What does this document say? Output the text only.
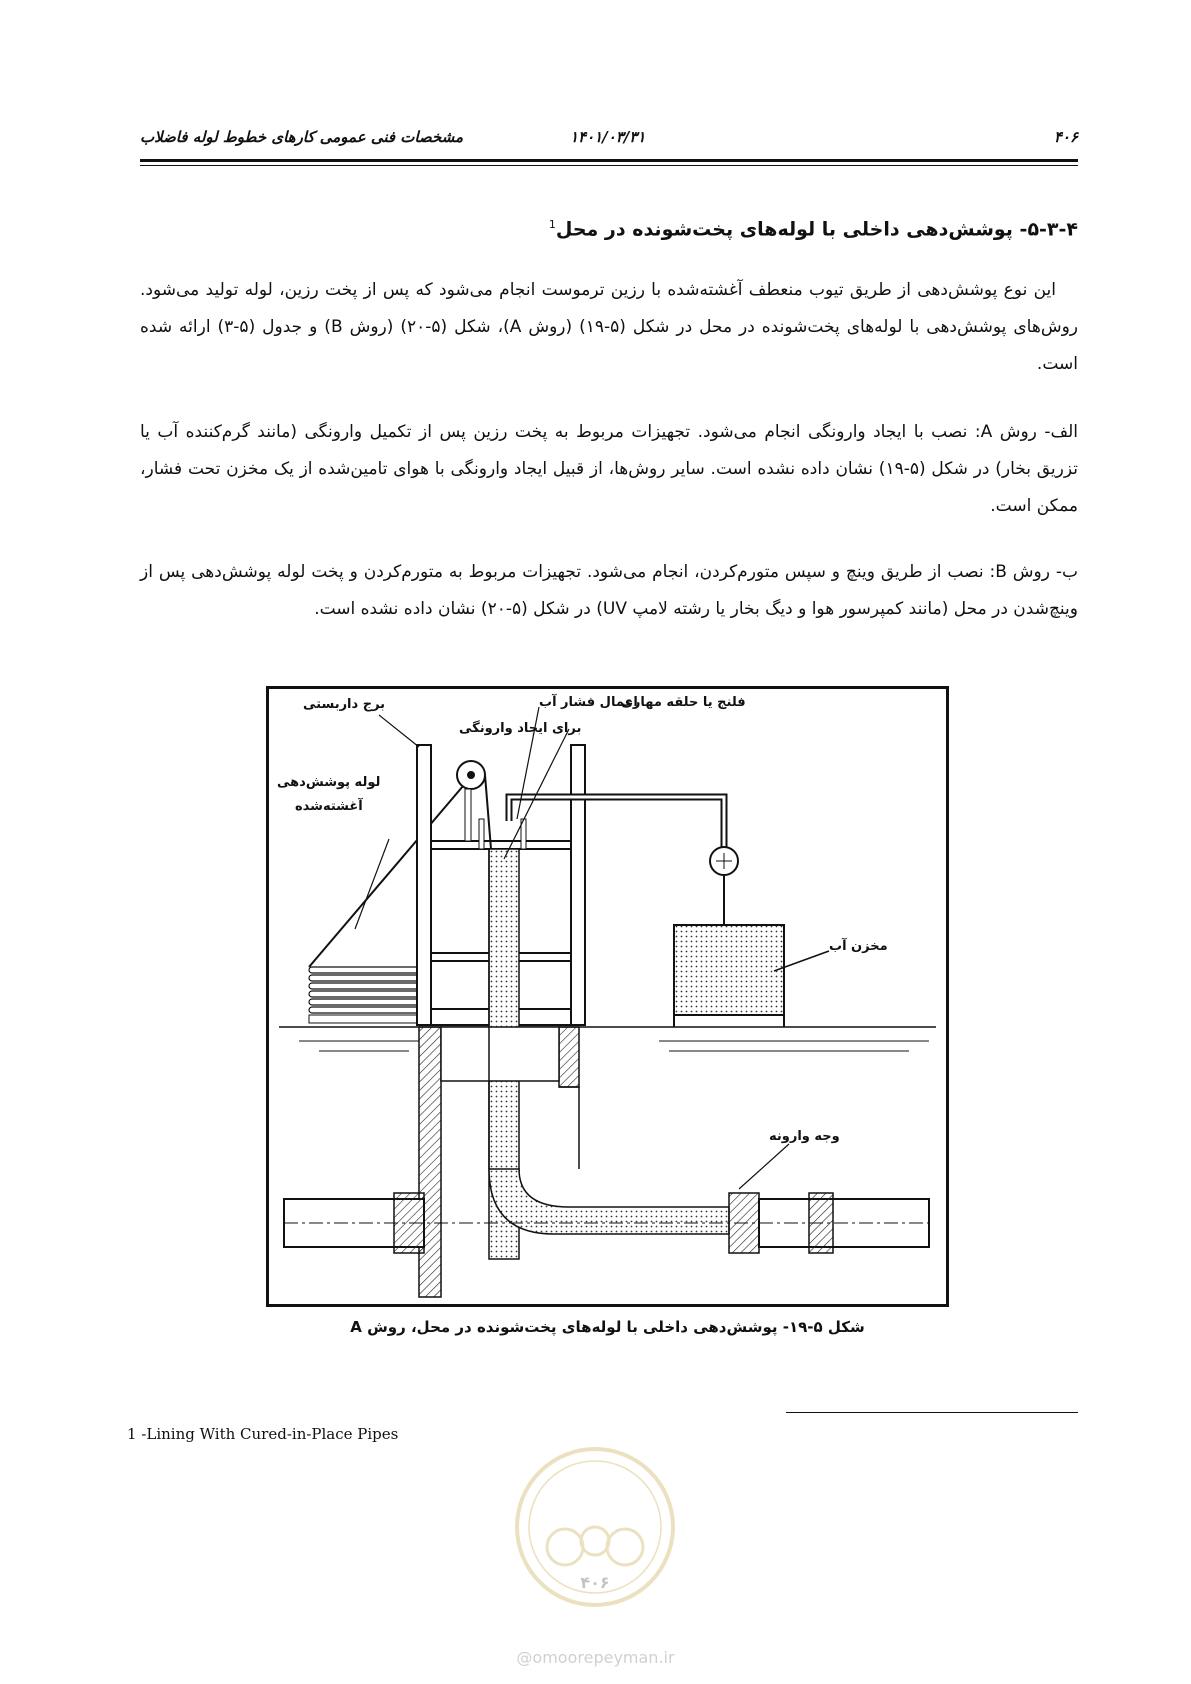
۴۰۶
۱۴۰۱/۰۳/۳۱
مشخصات فنی عمومی کارهای خطوط لوله فاضلاب
۵-۳-۴- پوشش‌دهی داخلی با لوله‌های پخت‌شونده در محل$^1$
این نوع پوشش‌دهی از طریق تیوب منعطف آغشته‌شده با رزین ترموست انجام می‌شود که پس از پخت رزین، لوله تولید می‌شود. روش‌های پوشش‌دهی با لوله‌های پخت‌شونده در محل در شکل (۵-۱۹) (روش A)، شکل (۵-۲۰) (روش B) و جدول (۵-۳) ارائه شده است.
الف- روش A: نصب با ایجاد وارونگی انجام می‌شود. تجهیزات مربوط به پخت رزین پس از تکمیل وارونگی (مانند گرم‌کننده آب یا تزریق بخار) در شکل (۵-۱۹) نشان داده نشده است. سایر روش‌ها، از قبیل ایجاد وارونگی با هوای تامین‌شده از یک مخزن تحت فشار، ممکن است.
ب- روش B: نصب از طریق وینچ و سپس متورم‌کردن، انجام می‌شود. تجهیزات مربوط به متورم‌کردن و پخت لوله پوشش‌دهی پس از وینچ‌شدن در محل (مانند کمپرسور هوا و دیگ بخار یا رشته لامپ UV) در شکل (۵-۲۰) نشان داده نشده است.
برج داربستی	فلنج یا حلقه مهاری
اِعمال فشار آب
برای ایجاد وارونگی
لوله پوشش‌دهی
آغشته‌شده
مخزن آب
وجه وارونه
شکل ۵-۱۹- پوشش‌دهی داخلی با لوله‌های پخت‌شونده در محل، روش A
1 -Lining With Cured-in-Place Pipes
۴۰۶
@omoorepeyman.ir
